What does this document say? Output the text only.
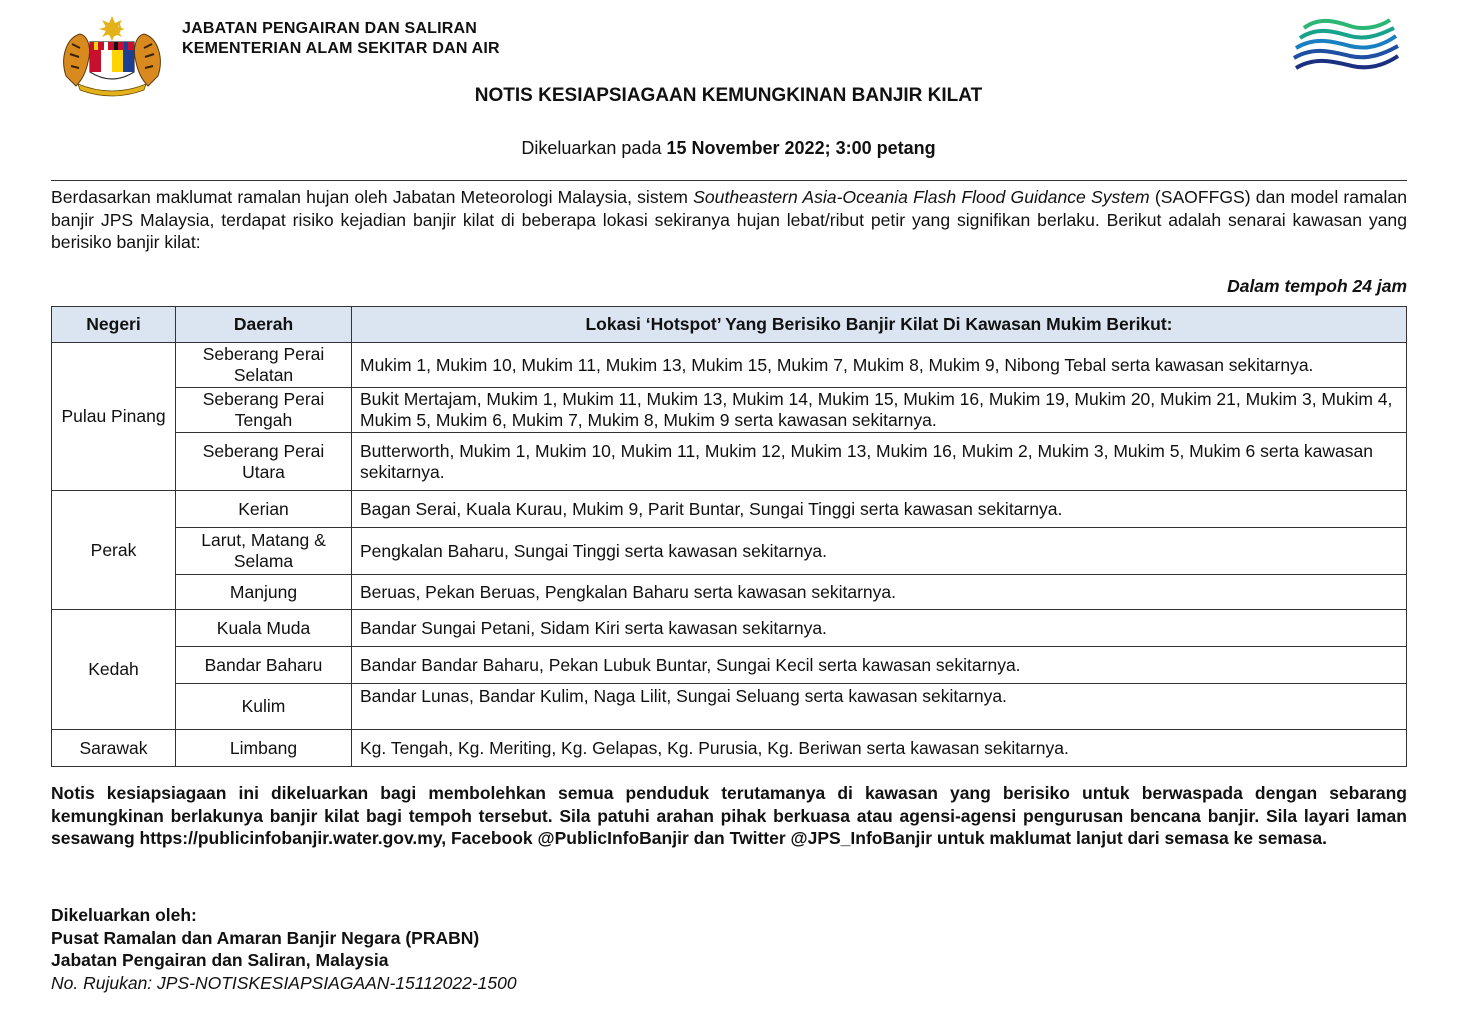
JABATAN PENGAIRAN DAN SALIRAN
KEMENTERIAN ALAM SEKITAR DAN AIR
NOTIS KESIAPSIAGAAN KEMUNGKINAN BANJIR KILAT
Dikeluarkan pada 15 November 2022; 3:00 petang

Berdasarkan maklumat ramalan hujan oleh Jabatan Meteorologi Malaysia, sistem Southeastern Asia-Oceania Flash Flood Guidance System (SAOFFGS) dan model ramalan banjir JPS Malaysia, terdapat risiko kejadian banjir kilat di beberapa lokasi sekiranya hujan lebat/ribut petir yang signifikan berlaku. Berikut adalah senarai kawasan yang berisiko banjir kilat:

Dalam tempoh 24 jam
Negeri	Daerah	Lokasi ‘Hotspot’ Yang Berisiko Banjir Kilat Di Kawasan Mukim Berikut:
Pulau Pinang	Seberang Perai Selatan	Mukim 1, Mukim 10, Mukim 11, Mukim 13, Mukim 15, Mukim 7, Mukim 8, Mukim 9, Nibong Tebal serta kawasan sekitarnya.
	Seberang Perai Tengah	Bukit Mertajam, Mukim 1, Mukim 11, Mukim 13, Mukim 14, Mukim 15, Mukim 16, Mukim 19, Mukim 20, Mukim 21, Mukim 3, Mukim 4, Mukim 5, Mukim 6, Mukim 7, Mukim 8, Mukim 9 serta kawasan sekitarnya.
	Seberang Perai Utara	Butterworth, Mukim 1, Mukim 10, Mukim 11, Mukim 12, Mukim 13, Mukim 16, Mukim 2, Mukim 3, Mukim 5, Mukim 6 serta kawasan sekitarnya.
Perak	Kerian	Bagan Serai, Kuala Kurau, Mukim 9, Parit Buntar, Sungai Tinggi serta kawasan sekitarnya.
	Larut, Matang & Selama	Pengkalan Baharu, Sungai Tinggi serta kawasan sekitarnya.
	Manjung	Beruas, Pekan Beruas, Pengkalan Baharu serta kawasan sekitarnya.
Kedah	Kuala Muda	Bandar Sungai Petani, Sidam Kiri serta kawasan sekitarnya.
	Bandar Baharu	Bandar Bandar Baharu, Pekan Lubuk Buntar, Sungai Kecil serta kawasan sekitarnya.
	Kulim	Bandar Lunas, Bandar Kulim, Naga Lilit, Sungai Seluang serta kawasan sekitarnya.
Sarawak	Limbang	Kg. Tengah, Kg. Meriting, Kg. Gelapas, Kg. Purusia, Kg. Beriwan serta kawasan sekitarnya.

Notis kesiapsiagaan ini dikeluarkan bagi membolehkan semua penduduk terutamanya di kawasan yang berisiko untuk berwaspada dengan sebarang kemungkinan berlakunya banjir kilat bagi tempoh tersebut. Sila patuhi arahan pihak berkuasa atau agensi-agensi pengurusan bencana banjir. Sila layari laman sesawang https://publicinfobanjir.water.gov.my, Facebook @PublicInfoBanjir dan Twitter @JPS_InfoBanjir untuk maklumat lanjut dari semasa ke semasa.

Dikeluarkan oleh:
Pusat Ramalan dan Amaran Banjir Negara (PRABN)
Jabatan Pengairan dan Saliran, Malaysia
No. Rujukan: JPS-NOTISKESIAPSIAGAAN-15112022-1500
